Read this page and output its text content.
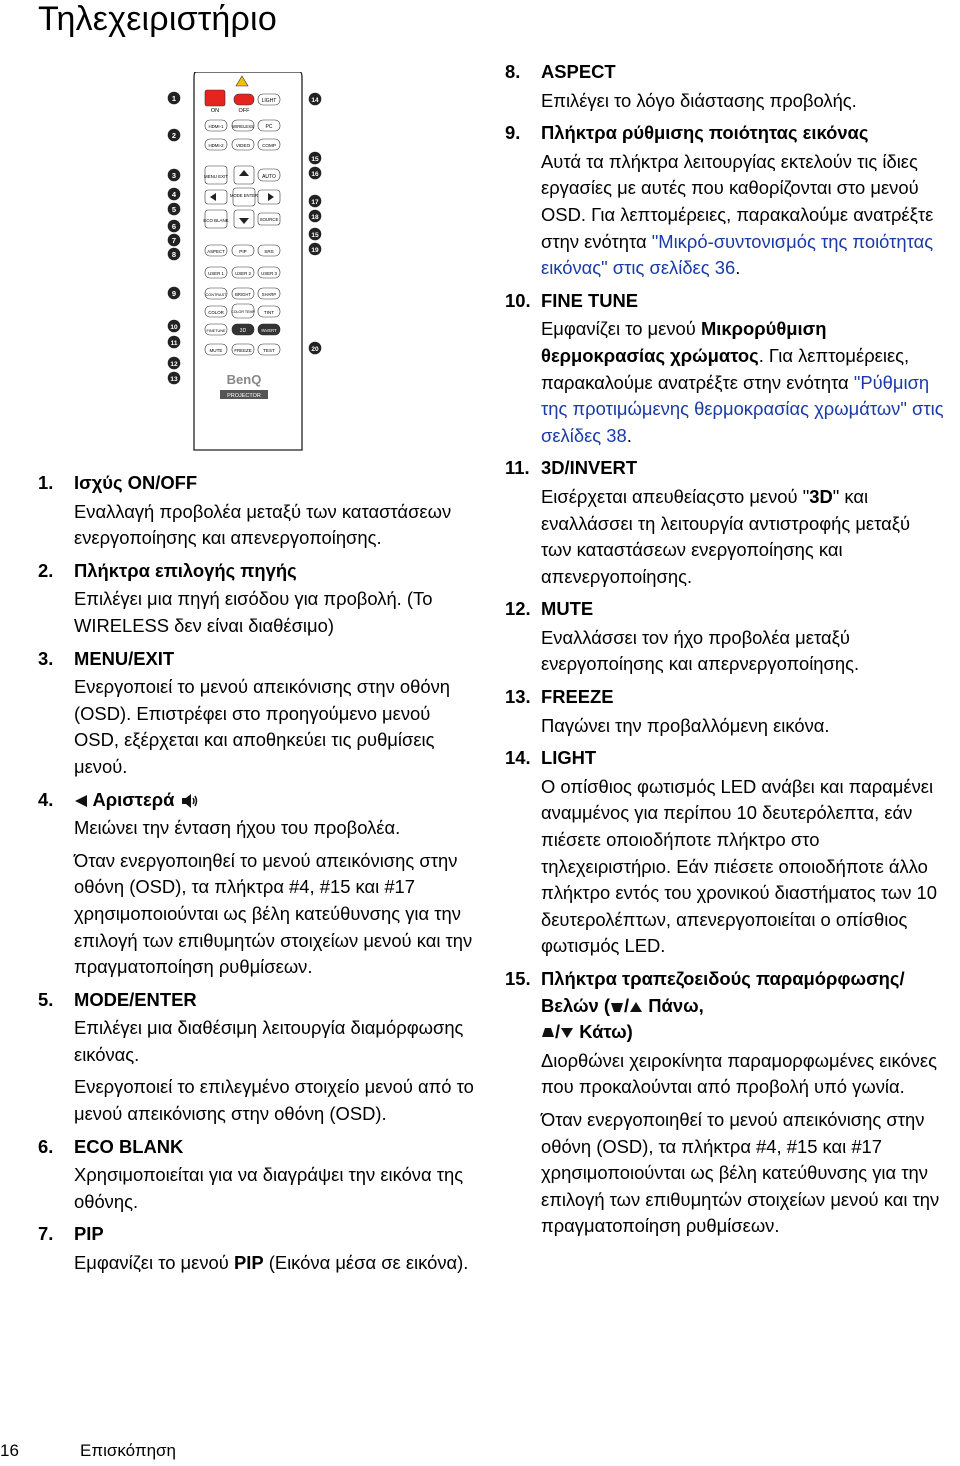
Τηλεχειριστήριο
ON	OFF
LIGHT
HDMI-1 WIRELESS PC
HDMI-2	VIDEO	COMP
MENU EXIT	AUTO
MODE ENTER
ECO BLANK	SOURCE
ASPECT	PIP	SRS
USER 1	USER 2 USER 3
CONTRAST BRIGHT	SHARP
COLOR COLOR TEMP TINT
FINETUNE	3D	INVERT
MUTE	FREEZE TEST
BenQ
PROJECTOR
1
2
3
4
5
6
7
8
9
10
11
12
13
14
15
16
17
18
15
19
20
1.	Ισχύς ON/OFF

Εναλλαγή προβολέα μεταξύ των καταστάσεων ενεργοποίησης και απενεργοποίησης.

2.	Πλήκτρα επιλογής πηγής

Επιλέγει μια πηγή εισόδου για προβολή. (Το WIRELESS δεν είναι διαθέσιμο)

3.	MENU/EXIT

Ενεργοποιεί το μενού απεικόνισης στην οθόνη (OSD). Επιστρέφει στο προηγούμενο μενού OSD, εξέρχεται και αποθηκεύει τις ρυθμίσεις μενού.

4.	Αριστερά

Μειώνει την ένταση ήχου του προβολέα.

Όταν ενεργοποιηθεί το μενού απεικόνισης στην οθόνη (OSD), τα πλήκτρα #4, #15 και #17 χρησιμοποιούνται ως βέλη κατεύθυνσης για την επιλογή των επιθυμητών στοιχείων μενού και την πραγματοποίηση ρυθμίσεων.

5.	MODE/ENTER

Επιλέγει μια διαθέσιμη λειτουργία διαμόρφωσης εικόνας.

Ενεργοποιεί το επιλεγμένο στοιχείο μενού από το μενού απεικόνισης στην οθόνη (OSD).

6.	ECO BLANK

Χρησιμοποιείται για να διαγράψει την εικόνα της οθόνης.

7.	PIP

Εμφανίζει το μενού PIP (Εικόνα μέσα σε εικόνα).

8.	ASPECT

Επιλέγει το λόγο διάστασης προβολής.

9.	Πλήκτρα ρύθμισης ποιότητας εικόνας

Αυτά τα πλήκτρα λειτουργίας εκτελούν τις ίδιες εργασίες με αυτές που καθορίζονται στο μενού OSD. Για λεπτομέρειες, παρακαλούμε ανατρέξτε στην ενότητα "Μικρό-συντονισμός της ποιότητας εικόνας" στις σελίδες 36.

10. FINE TUNE

Εμφανίζει το μενού Μικρορύθμιση θερμοκρασίας χρώματος. Για λεπτομέρειες, παρακαλούμε ανατρέξτε στην ενότητα "Ρύθμιση της προτιμώμενης θερμοκρασίας χρωμάτων" στις σελίδες 38.

11. 3D/INVERT

Εισέρχεται απευθείαςστο μενού "3D" και εναλλάσσει τη λειτουργία αντιστροφής μεταξύ των καταστάσεων ενεργοποίησης και απενεργοποίησης.

12. MUTE

Εναλλάσσει τον ήχο προβολέα μεταξύ ενεργοποίησης και απερνεργοποίησης.

13. FREEZE

Παγώνει την προβαλλόμενη εικόνα.

14. LIGHT

Ο οπίσθιος φωτισμός LED ανάβει και παραμένει αναμμένος για περίπου 10 δευτερόλεπτα, εάν πιέσετε οποιοδήποτε πλήκτρο στο τηλεχειριστήριο. Εάν πιέσετε οποιοδήποτε άλλο πλήκτρο εντός του χρονικού διαστήματος των 10 δευτερολέπτων, απενεργοποιείται ο οπίσθιος φωτισμός LED.

15. Πλήκτρα τραπεζοειδούς παραμόρφωσης/Βελών ( / Πάνω,
/ Κάτω)

Διορθώνει χειροκίνητα παραμορφωμένες εικόνες που προκαλούνται από προβολή υπό γωνία.

Όταν ενεργοποιηθεί το μενού απεικόνισης στην οθόνη (OSD), τα πλήκτρα #4, #15 και #17 χρησιμοποιούνται ως βέλη κατεύθυνσης για την επιλογή των επιθυμητών στοιχείων μενού και την πραγματοποίηση ρυθμίσεων.

16	Επισκόπηση
